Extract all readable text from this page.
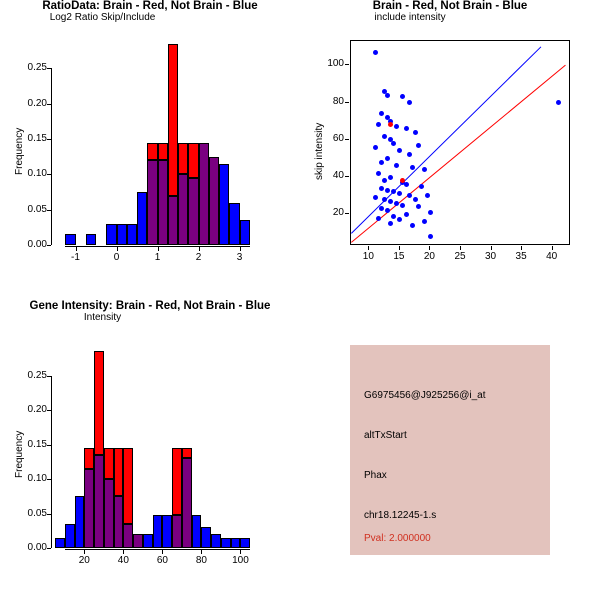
RatioData: Brain - Red, Not Brain - Blue
Frequency
Log2 Ratio Skip/Include
-1	0	1	2	3
0.00
0.05
0.10
0.15
0.20
0.25
Brain - Red, Not Brain - Blue
skip intensity
include intensity
10	15	20	25	30	35	40
20
40
60
80
100
Gene Intensity: Brain - Red, Not Brain - Blue
Frequency
Intensity
20	40	60	80	100
0.00
0.05
0.10
0.15
0.20
0.25
G6975456@J925256@i_at
altTxStart
Phax
chr18.12245-1.s
Pval: 2.000000
